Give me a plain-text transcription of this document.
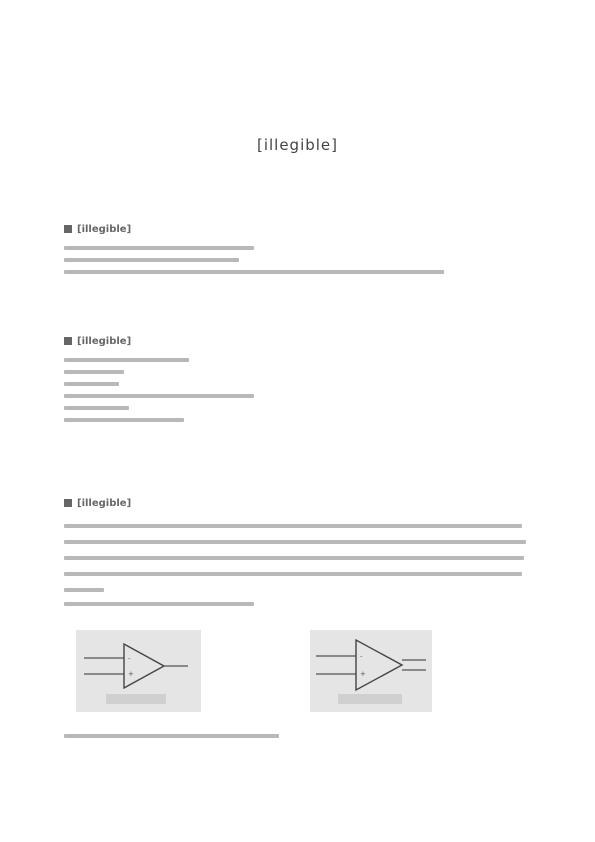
[illegible]
[illegible]
[illegible]
[illegible]
-
+
-
+
